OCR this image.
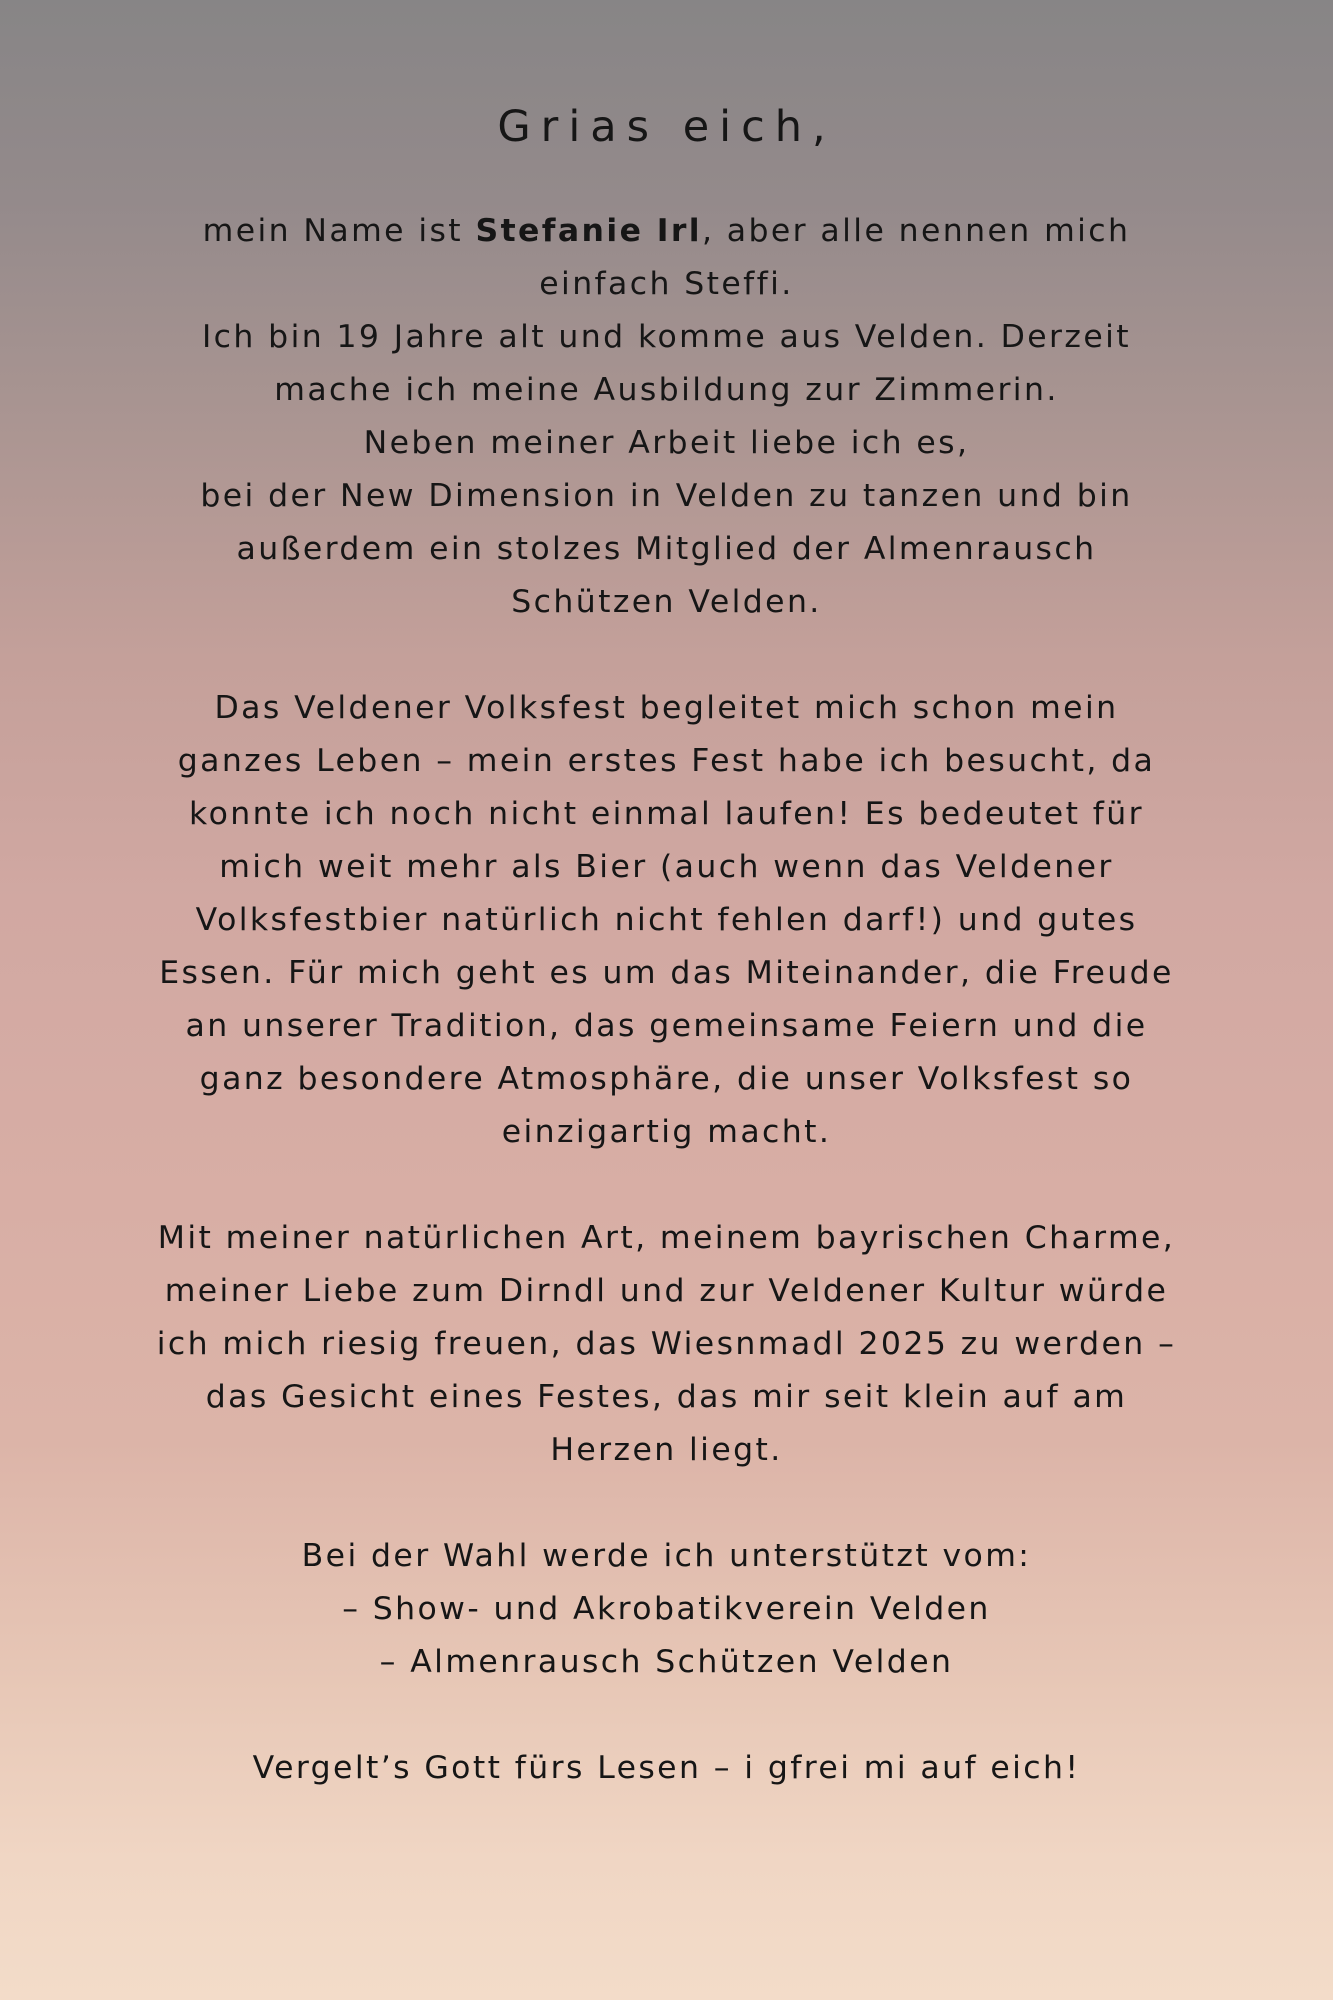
Grias eich,
mein Name ist Stefanie Irl, aber alle nennen mich
einfach Steffi.
Ich bin 19 Jahre alt und komme aus Velden. Derzeit
mache ich meine Ausbildung zur Zimmerin.
Neben meiner Arbeit liebe ich es,
bei der New Dimension in Velden zu tanzen und bin
außerdem ein stolzes Mitglied der Almenrausch
Schützen Velden.
Das Veldener Volksfest begleitet mich schon mein
ganzes Leben – mein erstes Fest habe ich besucht, da
konnte ich noch nicht einmal laufen! Es bedeutet für
mich weit mehr als Bier (auch wenn das Veldener
Volksfestbier natürlich nicht fehlen darf!) und gutes
Essen. Für mich geht es um das Miteinander, die Freude
an unserer Tradition, das gemeinsame Feiern und die
ganz besondere Atmosphäre, die unser Volksfest so
einzigartig macht.
Mit meiner natürlichen Art, meinem bayrischen Charme,
meiner Liebe zum Dirndl und zur Veldener Kultur würde
ich mich riesig freuen, das Wiesnmadl 2025 zu werden –
das Gesicht eines Festes, das mir seit klein auf am
Herzen liegt.
Bei der Wahl werde ich unterstützt vom:
– Show- und Akrobatikverein Velden
– Almenrausch Schützen Velden
Vergelt’s Gott fürs Lesen – i gfrei mi auf eich!
